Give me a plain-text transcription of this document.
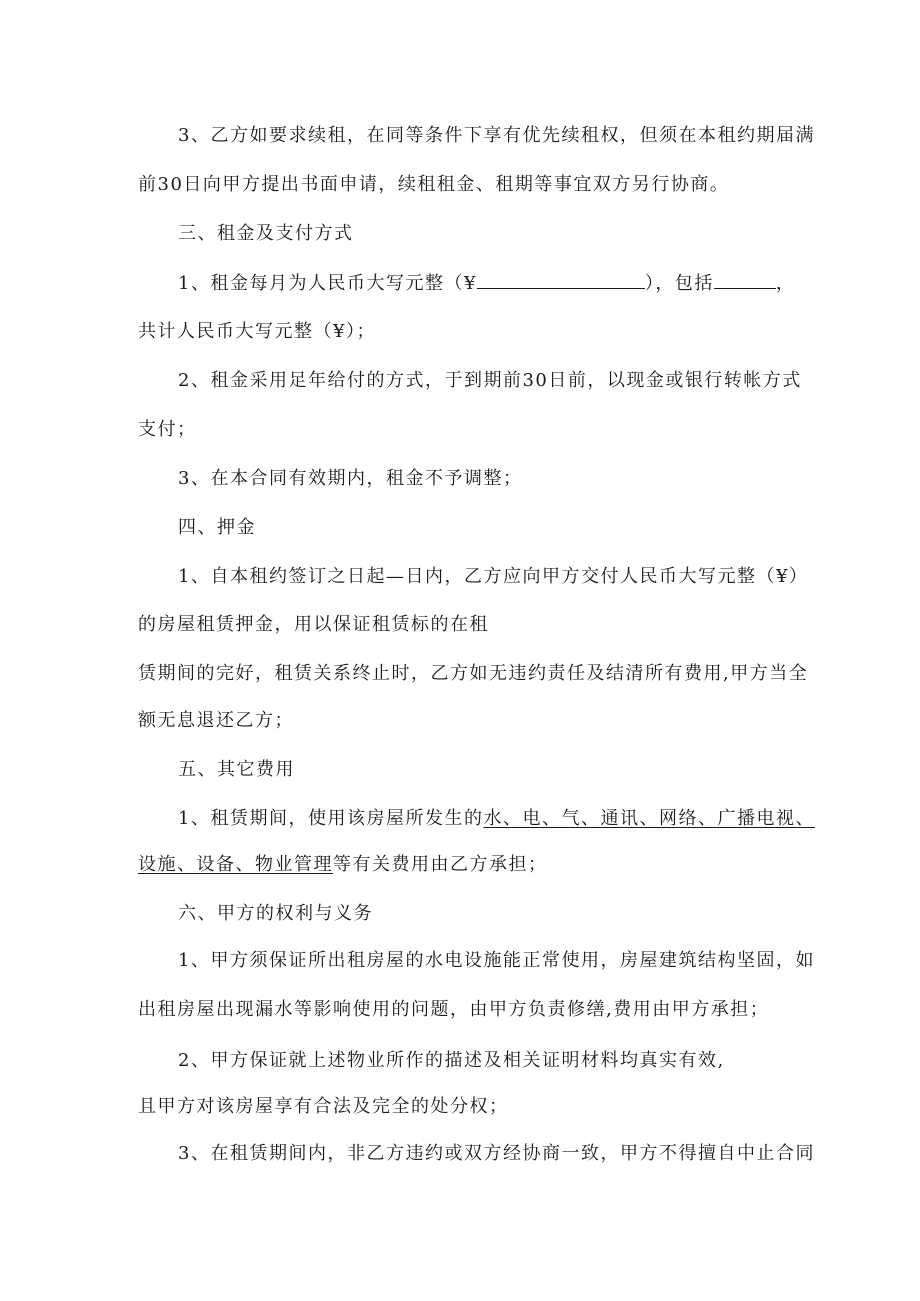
3、乙方如要求续租，在同等条件下享有优先续租权，但须在本租约期届满
前30日向甲方提出书面申请，续租租金、租期等事宜双方另行协商。
三、租金及支付方式
1、租金每月为人民币大写元整（¥	），包括	，
共计人民币大写元整（¥）；
2、租金采用足年给付的方式，于到期前30日前，以现金或银行转帐方式
支付；
3、在本合同有效期内，租金不予调整；
四、押金
1、自本租约签订之日起—日内，乙方应向甲方交付人民币大写元整（¥）
的房屋租赁押金，用以保证租赁标的在租
赁期间的完好，租赁关系终止时，乙方如无违约责任及结清所有费用,甲方当全
额无息退还乙方；
五、其它费用
1、租赁期间，使用该房屋所发生的水、电、气、通讯、网络、广播电视、
设施、设备、物业管理等有关费用由乙方承担；
六、甲方的权利与义务
1、甲方须保证所出租房屋的水电设施能正常使用，房屋建筑结构坚固，如
出租房屋出现漏水等影响使用的问题，由甲方负责修缮,费用由甲方承担；
2、甲方保证就上述物业所作的描述及相关证明材料均真实有效,
且甲方对该房屋享有合法及完全的处分权；
3、在租赁期间内，非乙方违约或双方经协商一致，甲方不得擅自中止合同
